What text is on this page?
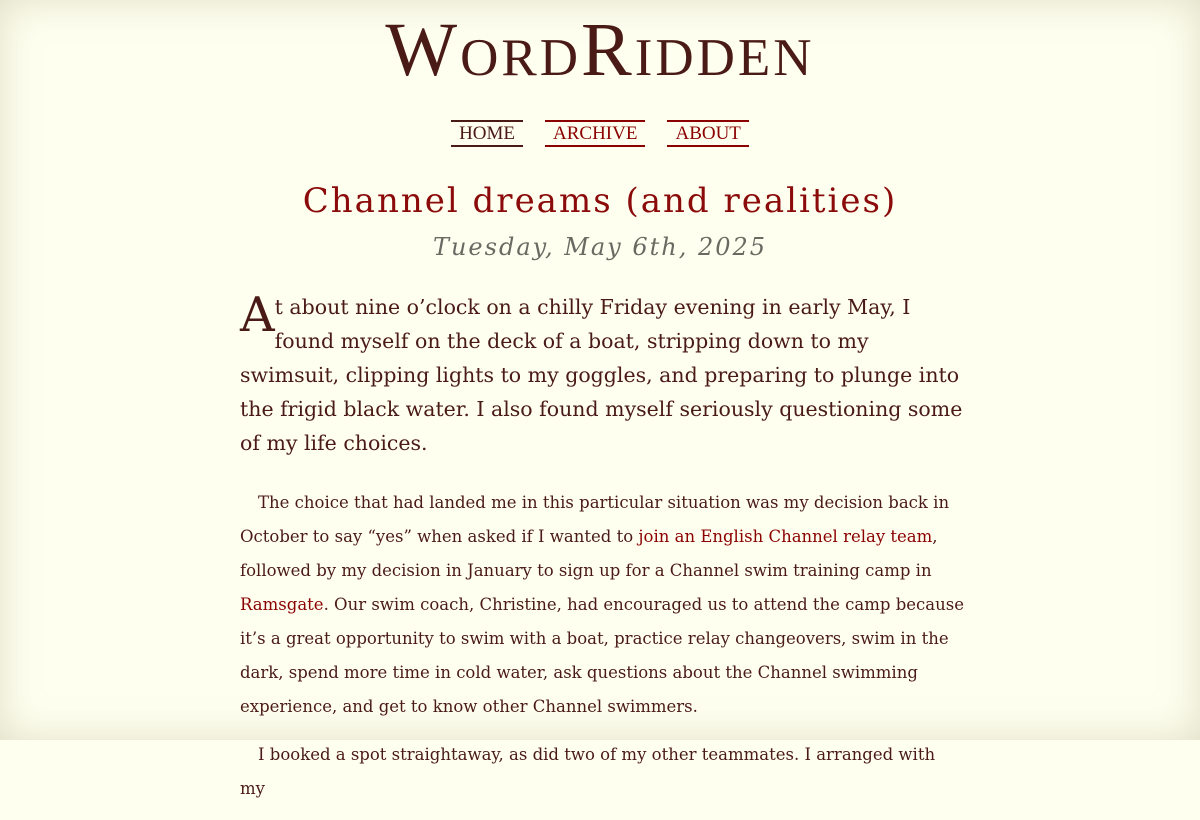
WordRidden
HOME	ARCHIVE	ABOUT
Channel dreams (and realities)
Tuesday, May 6th, 2025

At about nine o’clock on a chilly Friday evening in early May, I found myself on the deck of a boat, stripping down to my swimsuit, clipping lights to my goggles, and preparing to plunge into the frigid black water. I also found myself seriously questioning some of my life choices.

The choice that had landed me in this particular situation was my decision back in October to say “yes” when asked if I wanted to join an English Channel relay team, followed by my decision in January to sign up for a Channel swim training camp in Ramsgate. Our swim coach, Christine, had encouraged us to attend the camp because it’s a great opportunity to swim with a boat, practice relay changeovers, swim in the dark, spend more time in cold water, ask questions about the Channel swimming experience, and get to know other Channel swimmers.

I booked a spot straightaway, as did two of my other teammates. I arranged with my
